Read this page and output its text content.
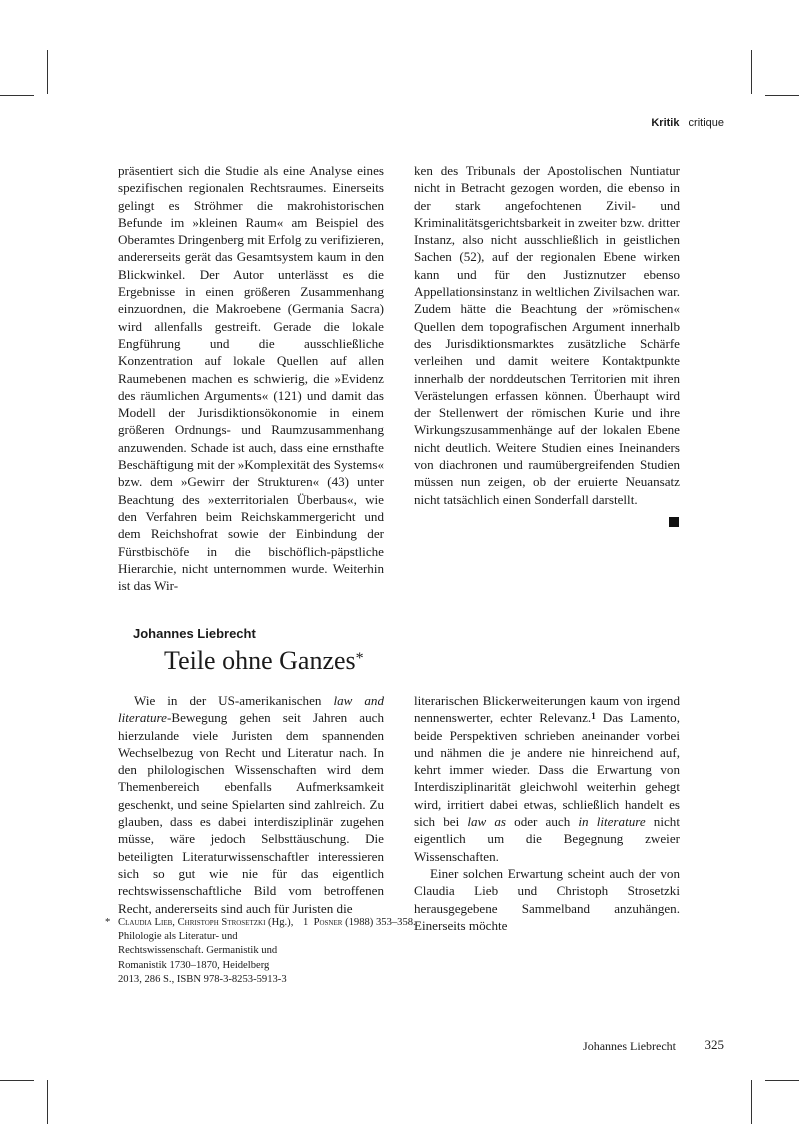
Kritik critique

präsentiert sich die Studie als eine Analyse eines spezifischen regionalen Rechtsraumes. Einerseits gelingt es Ströhmer die makrohistorischen Befunde im »kleinen Raum« am Beispiel des Oberamtes Dringenberg mit Erfolg zu verifizieren, andererseits gerät das Gesamtsystem kaum in den Blickwinkel. Der Autor unterlässt es die Ergebnisse in einen größeren Zusammenhang einzuordnen, die Makroebene (Germania Sacra) wird allenfalls gestreift. Gerade die lokale Engführung und die ausschließliche Konzentration auf lokale Quellen auf allen Raumebenen machen es schwierig, die »Evidenz des räumlichen Arguments« (121) und damit das Modell der Jurisdiktionsökonomie in einem größeren Ordnungs- und Raumzusammenhang anzuwenden. Schade ist auch, dass eine ernsthafte Beschäftigung mit der »Komplexität des Systems« bzw. dem »Gewirr der Strukturen« (43) unter Beachtung des »exterritorialen Überbaus«, wie den Verfahren beim Reichskammergericht und dem Reichshofrat sowie der Einbindung der Fürstbischöfe in die bischöflich-päpstliche Hierarchie, nicht unternommen wurde. Weiterhin ist das Wir-

ken des Tribunals der Apostolischen Nuntiatur nicht in Betracht gezogen worden, die ebenso in der stark angefochtenen Zivil- und Kriminalitätsgerichtsbarkeit in zweiter bzw. dritter Instanz, also nicht ausschließlich in geistlichen Sachen (52), auf der regionalen Ebene wirken kann und für den Justiznutzer ebenso Appellationsinstanz in weltlichen Zivilsachen war. Zudem hätte die Beachtung der »römischen« Quellen dem topografischen Argument innerhalb des Jurisdiktionsmarktes zusätzliche Schärfe verleihen und damit weitere Kontaktpunkte innerhalb der norddeutschen Territorien mit ihren Verästelungen erfassen können. Überhaupt wird der Stellenwert der römischen Kurie und ihre Wirkungszusammenhänge auf der lokalen Ebene nicht deutlich. Weitere Studien eines Ineinanders von diachronen und raumübergreifenden Studien müssen nun zeigen, ob der eruierte Neuansatz nicht tatsächlich einen Sonderfall darstellt.

Johannes Liebrecht
Teile ohne Ganzes*

Wie in der US-amerikanischen law and literature-Bewegung gehen seit Jahren auch hierzulande viele Juristen dem spannenden Wechselbezug von Recht und Literatur nach. In den philologischen Wissenschaften wird dem Themenbereich ebenfalls Aufmerksamkeit geschenkt, und seine Spielarten sind zahlreich. Zu glauben, dass es dabei interdisziplinär zugehen müsse, wäre jedoch Selbsttäuschung. Die beteiligten Literaturwissenschaftler interessieren sich so gut wie nie für das eigentlich rechtswissenschaftliche Bild vom betroffenen Recht, andererseits sind auch für Juristen die

literarischen Blickerweiterungen kaum von irgend nennenswerter, echter Relevanz.$^1$ Das Lamento, beide Perspektiven schrieben aneinander vorbei und nähmen die je andere nie hinreichend auf, kehrt immer wieder. Dass die Erwartung von Interdisziplinarität gleichwohl weiterhin gehegt wird, irritiert dabei etwas, schließlich handelt es sich bei law as oder auch in literature nicht eigentlich um die Begegnung zweier Wissenschaften.

Einer solchen Erwartung scheint auch der von Claudia Lieb und Christoph Strosetzki herausgegebene Sammelband anzuhängen. Einerseits möchte

* Claudia Lieb, Christoph Strosetzki (Hg.), Philologie als Literatur- und Rechtswissenschaft. Germanistik und Romanistik 1730–1870, Heidelberg 2013, 286 S., ISBN 978-3-8253-5913-3
1 Posner (1988) 353–358.
Johannes Liebrecht 325
